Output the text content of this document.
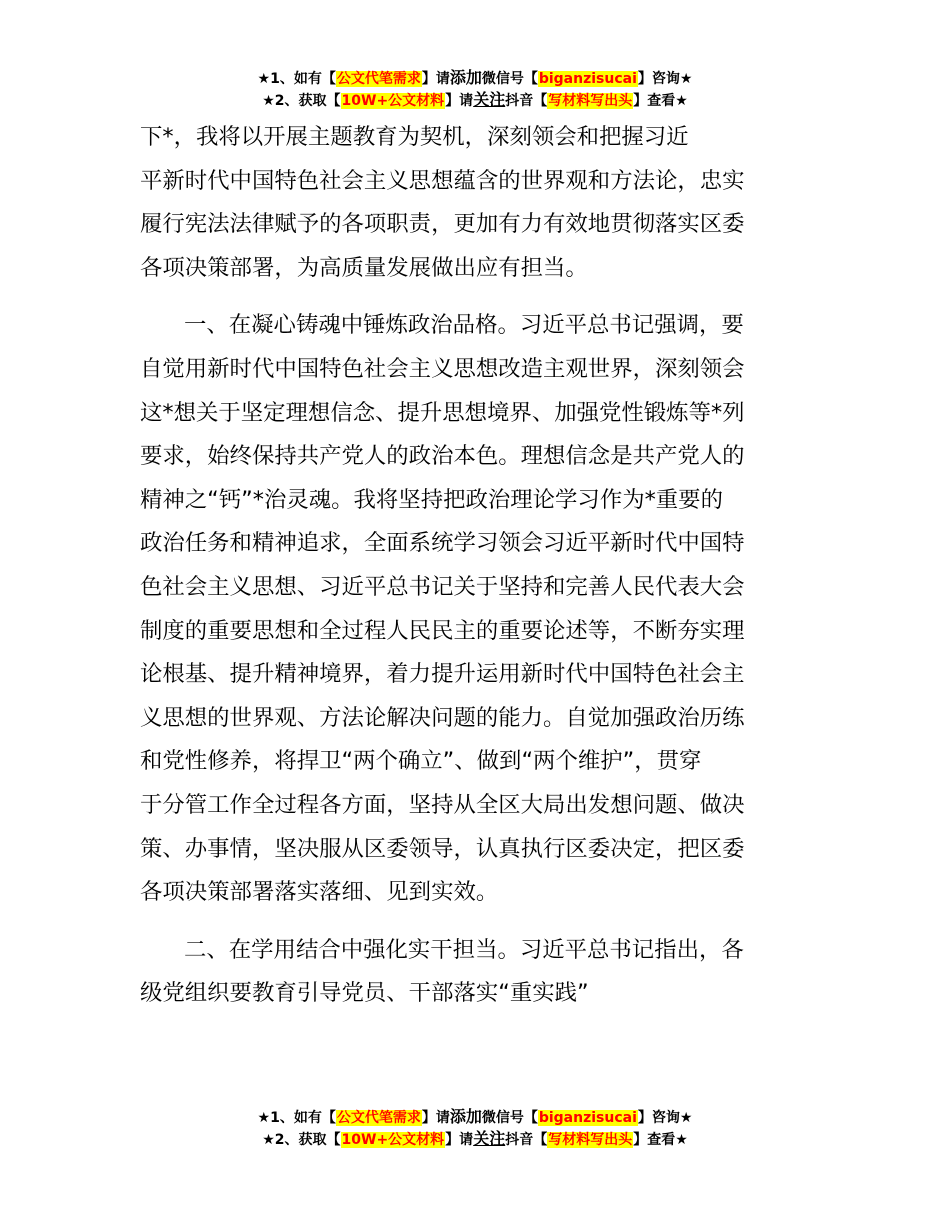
★1、如有【公文代笔需求】请添加微信号【biganzisucai】咨询★
★2、获取【10W+公文材料】请关注抖音【写材料写出头】查看★

下*，我将以开展主题教育为契机，深刻领会和把握习近
平新时代中国特色社会主义思想蕴含的世界观和方法论，忠实
履行宪法法律赋予的各项职责，更加有力有效地贯彻落实区委
各项决策部署，为高质量发展做出应有担当。

一、在凝心铸魂中锤炼政治品格。习近平总书记强调，要
自觉用新时代中国特色社会主义思想改造主观世界，深刻领会
这*想关于坚定理想信念、提升思想境界、加强党性锻炼等*列
要求，始终保持共产党人的政治本色。理想信念是共产党人的
精神之“钙”*治灵魂。我将坚持把政治理论学习作为*重要的
政治任务和精神追求，全面系统学习领会习近平新时代中国特
色社会主义思想、习近平总书记关于坚持和完善人民代表大会
制度的重要思想和全过程人民民主的重要论述等，不断夯实理
论根基、提升精神境界，着力提升运用新时代中国特色社会主
义思想的世界观、方法论解决问题的能力。自觉加强政治历练
和党性修养，将捍卫“两个确立”、做到“两个维护”，贯穿
于分管工作全过程各方面，坚持从全区大局出发想问题、做决
策、办事情，坚决服从区委领导，认真执行区委决定，把区委
各项决策部署落实落细、见到实效。

二、在学用结合中强化实干担当。习近平总书记指出，各
级党组织要教育引导党员、干部落实“重实践”

★1、如有【公文代笔需求】请添加微信号【biganzisucai】咨询★
★2、获取【10W+公文材料】请关注抖音【写材料写出头】查看★
